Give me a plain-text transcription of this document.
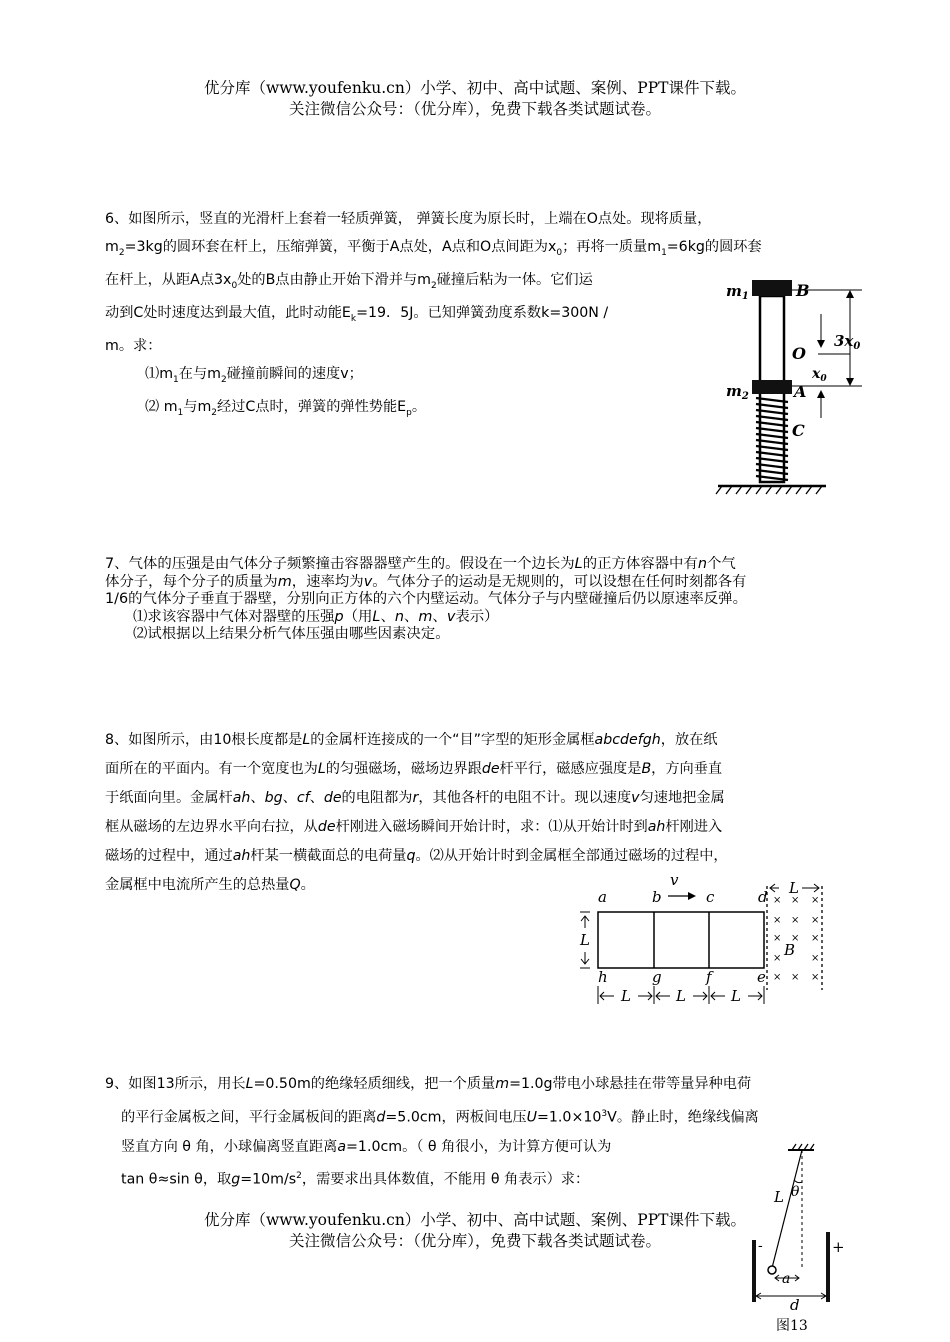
优分库（www.youfenku.cn）小学、初中、高中试题、案例、PPT课件下载。
关注微信公众号：（优分库），免费下载各类试题试卷。

6、如图所示，竖直的光滑杆上套着一轻质弹簧， 弹簧长度为原长时，上端在O点处。现将质量，

$m_2=3kg$的圆环套在杆上，压缩弹簧，平衡于A点处，A点和O点间距为$x_0$；再将一质量$m_1=6kg$的圆环套

在杆上，从距A点$3x_0$处的B点由静止开始下滑并与$m_2$碰撞后粘为一体。它们运

动到C处时速度达到最大值，此时动能$E_k=19$．5J。已知弹簧劲度系数k=300N /

m。求：

$⑴m_1$在与$m_2$碰撞前瞬间的速度v；

⑵ $m_1$与$m_2$经过C点时，弹簧的弹性势能$E_p$。

$m_1$	B
O
$m_2$	A
C
$3x_0$
$x_0$

7、气体的压强是由气体分子频繁撞击容器器壁产生的。假设在一个边长为L的正方体容器中有n个气

体分子，每个分子的质量为m，速率均为v。气体分子的运动是无规则的，可以设想在任何时刻都各有

1/6的气体分子垂直于器壁，分别向正方体的六个内壁运动。气体分子与内壁碰撞后仍以原速率反弹。

⑴求该容器中气体对器壁的压强p（用L、n、m、v表示）

⑵试根据以上结果分析气体压强由哪些因素决定。

8、如图所示，由10根长度都是L的金属杆连接成的一个“目”字型的矩形金属框abcdefgh，放在纸

面所在的平面内。有一个宽度也为L的匀强磁场，磁场边界跟de杆平行，磁感应强度是B，方向垂直

于纸面向里。金属杆ah、bg、cf、de的电阻都为r，其他各杆的电阻不计。现以速度v匀速地把金属

框从磁场的左边界水平向右拉，从de杆刚进入磁场瞬间开始计时，求：⑴从开始计时到ah杆刚进入

磁场的过程中，通过ah杆某一横截面总的电荷量q。⑵从开始计时到金属框全部通过磁场的过程中，

金属框中电流所产生的总热量Q。

× × ×
× × ×
× × ×
×	×
× × ×
a	b	c	d
h	g	f	e
v
B
L
L
L	L	L

9、如图13所示，用长L=0.50m的绝缘轻质细线，把一个质量m=1.0g带电小球悬挂在带等量异种电荷

的平行金属板之间，平行金属板间的距离d=5.0cm，两板间电压$U=1.0\times 10^3V$。静止时，绝缘线偏离

竖直方向 θ 角，小球偏离竖直距离a=1.0cm。（ θ 角很小，为计算方便可认为

tan θ≈sin θ，取$g=10m/s^2$，需要求出具体数值，不能用 θ 角表示）求：

优分库（www.youfenku.cn）小学、初中、高中试题、案例、PPT课件下载。
关注微信公众号：（优分库），免费下载各类试题试卷。
L θ
a
d
-	+
图13
